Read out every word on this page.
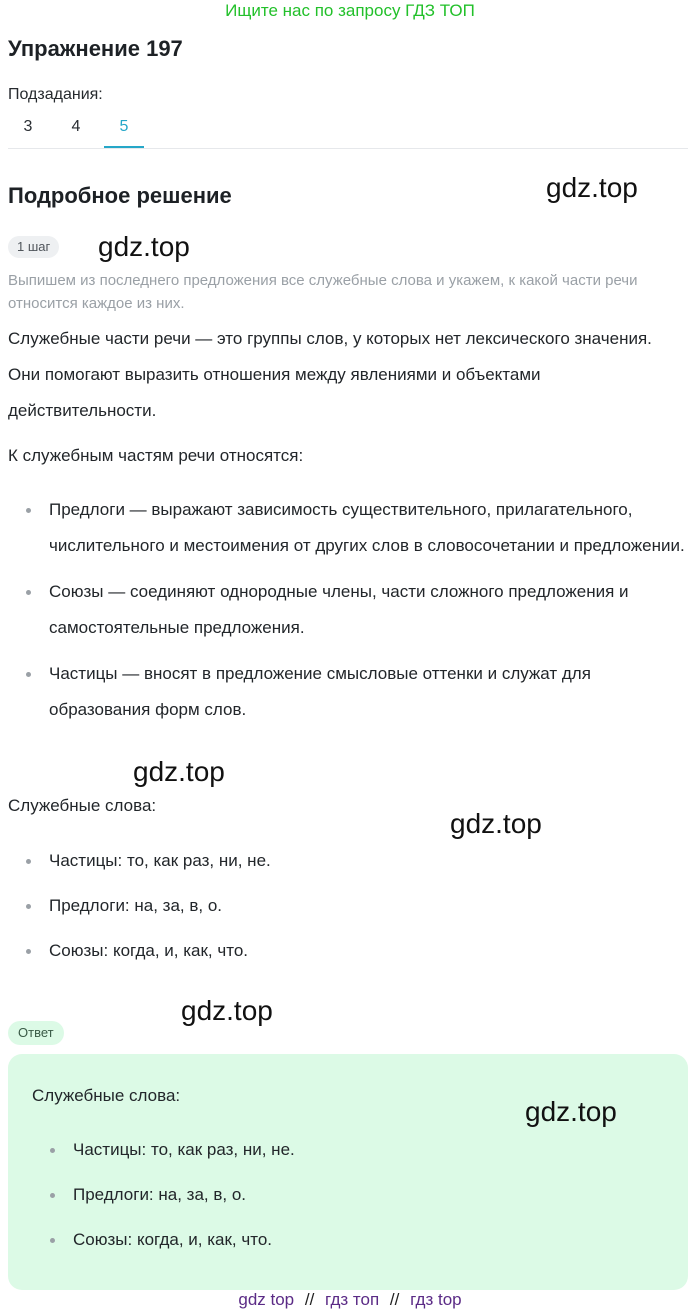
Ищите нас по запросу ГДЗ ТОП
Упражнение 197
Подзадания:
3	4	5
Подробное решение
1 шаг
Выпишем из последнего предложения все служебные слова и укажем, к какой части речи относится каждое из них.
Служебные части речи — это группы слов, у которых нет лексического значения. Они помогают выразить отношения между явлениями и объектами действительности.
К служебным частям речи относятся:
Предлоги — выражают зависимость существительного, прилагательного, числительного и местоимения от других слов в словосочетании и предложении.
Союзы — соединяют однородные члены, части сложного предложения и самостоятельные предложения.
Частицы — вносят в предложение смысловые оттенки и служат для образования форм слов.
Служебные слова:
Частицы: то, как раз, ни, не.
Предлоги: на, за, в, о.
Союзы: когда, и, как, что.
Ответ
Служебные слова:
Частицы: то, как раз, ни, не.
Предлоги: на, за, в, о.
Союзы: когда, и, как, что.
gdz.top
gdz.top
gdz.top
gdz.top
gdz.top
gdz.top
gdz top // гдз топ // гдз top
